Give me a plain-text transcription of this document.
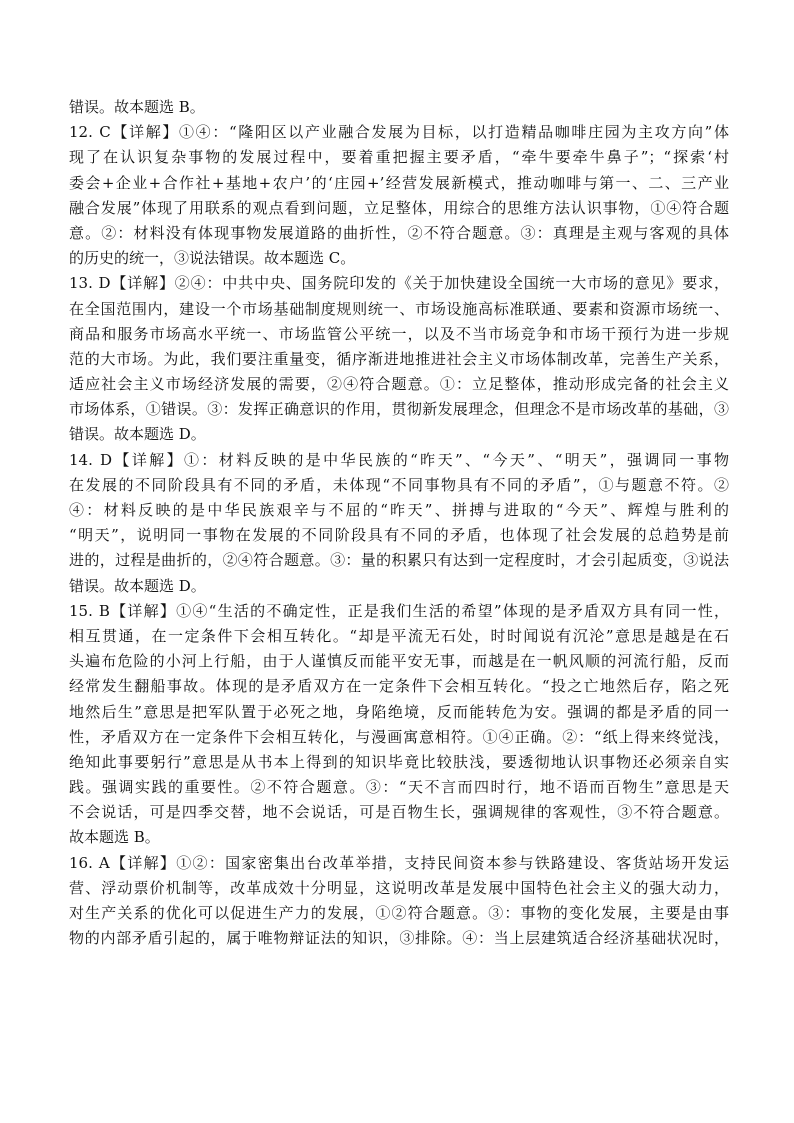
错误。故本题选 B。
12. C【详解】①④：“隆阳区以产业融合发展为目标，以打造精品咖啡庄园为主攻方向”体
现了在认识复杂事物的发展过程中，要着重把握主要矛盾，“牵牛要牵牛鼻子”；“探索‘村
委会+企业+合作社+基地+农户’的‘庄园+’经营发展新模式，推动咖啡与第一、二、三产业
融合发展”体现了用联系的观点看到问题，立足整体，用综合的思维方法认识事物，①④符合题
意。②：材料没有体现事物发展道路的曲折性，②不符合题意。③：真理是主观与客观的具体
的历史的统一，③说法错误。故本题选 C。
13. D【详解】②④：中共中央、国务院印发的《关于加快建设全国统一大市场的意见》要求，
在全国范围内，建设一个市场基础制度规则统一、市场设施高标准联通、要素和资源市场统一、
商品和服务市场高水平统一、市场监管公平统一，以及不当市场竞争和市场干预行为进一步规
范的大市场。为此，我们要注重量变，循序渐进地推进社会主义市场体制改革，完善生产关系，
适应社会主义市场经济发展的需要，②④符合题意。①：立足整体，推动形成完备的社会主义
市场体系，①错误。③：发挥正确意识的作用，贯彻新发展理念，但理念不是市场改革的基础，③
错误。故本题选 D。
14. D【详解】①：材料反映的是中华民族的“昨天”、“今天”、“明天”，强调同一事物
在发展的不同阶段具有不同的矛盾，未体现“不同事物具有不同的矛盾”，①与题意不符。②
④：材料反映的是中华民族艰辛与不屈的“昨天”、拼搏与进取的“今天”、辉煌与胜利的
“明天”，说明同一事物在发展的不同阶段具有不同的矛盾，也体现了社会发展的总趋势是前
进的，过程是曲折的，②④符合题意。③：量的积累只有达到一定程度时，才会引起质变，③说法
错误。故本题选 D。
15. B【详解】①④“生活的不确定性，正是我们生活的希望”体现的是矛盾双方具有同一性，
相互贯通，在一定条件下会相互转化。“却是平流无石处，时时闻说有沉沦”意思是越是在石
头遍布危险的小河上行船，由于人谨慎反而能平安无事，而越是在一帆风顺的河流行船，反而
经常发生翻船事故。体现的是矛盾双方在一定条件下会相互转化。“投之亡地然后存，陷之死
地然后生”意思是把军队置于必死之地，身陷绝境，反而能转危为安。强调的都是矛盾的同一
性，矛盾双方在一定条件下会相互转化，与漫画寓意相符。①④正确。②：“纸上得来终觉浅，
绝知此事要躬行”意思是从书本上得到的知识毕竟比较肤浅，要透彻地认识事物还必须亲自实
践。强调实践的重要性。②不符合题意。③：“天不言而四时行，地不语而百物生”意思是天
不会说话，可是四季交替，地不会说话，可是百物生长，强调规律的客观性，③不符合题意。
故本题选 B。
16. A【详解】①②：国家密集出台改革举措，支持民间资本参与铁路建设、客货站场开发运
营、浮动票价机制等，改革成效十分明显，这说明改革是发展中国特色社会主义的强大动力，
对生产关系的优化可以促进生产力的发展，①②符合题意。③：事物的变化发展，主要是由事
物的内部矛盾引起的，属于唯物辩证法的知识，③排除。④：当上层建筑适合经济基础状况时，
